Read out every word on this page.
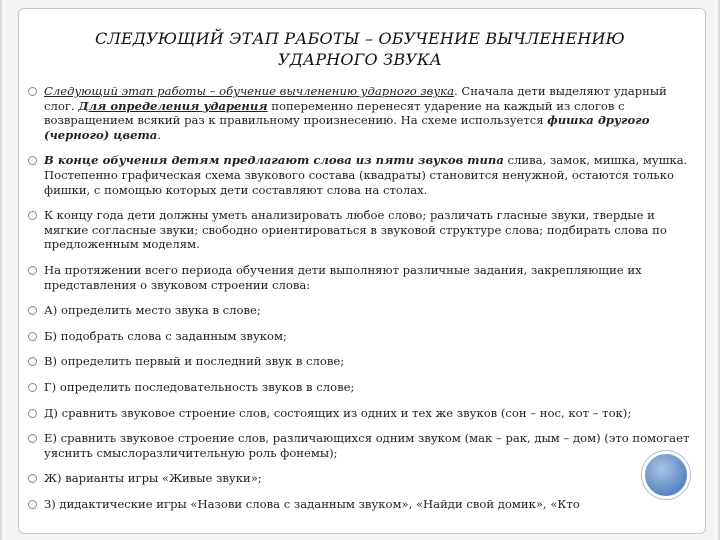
СЛЕДУЮЩИЙ ЭТАП РАБОТЫ – ОБУЧЕНИЕ ВЫЧЛЕНЕНИЮ
УДАРНОГО ЗВУКА
Следующий этап работы – обучение вычленению ударного звука. Сначала дети выделяют ударный слог. Для определения ударения попеременно перенесят ударение на каждый из слогов с возвращением всякий раз к правильному произнесению. На схеме используется фишка другого (черного) цвета.
В конце обучения детям предлагают слова из пяти звуков типа слива, замок, мишка, мушка. Постепенно графическая схема звукового состава (квадраты) становится ненужной, остаются только фишки, с помощью которых дети составляют слова на столах.
К концу года дети должны уметь анализировать любое слово; различать гласные звуки, твердые и мягкие согласные звуки; свободно ориентироваться в звуковой структуре слова; подбирать слова по предложенным моделям.
На протяжении всего периода обучения дети выполняют различные задания, закрепляющие их представления о звуковом строении слова:
А) определить место звука в слове;
Б) подобрать слова с заданным звуком;
В) определить первый и последний звук в слове;
Г) определить последовательность звуков в слове;
Д) сравнить звуковое строение слов, состоящих из одних и тех же звуков (сон – нос, кот – ток);
Е) сравнить звуковое строение слов, различающихся одним звуком (мак – рак, дым – дом) (это помогает уяснить смыслоразличительную роль фонемы);
Ж) варианты игры «Живые звуки»;
З) дидактические игры «Назови слова с заданным звуком», «Найди свой домик», «Кто
